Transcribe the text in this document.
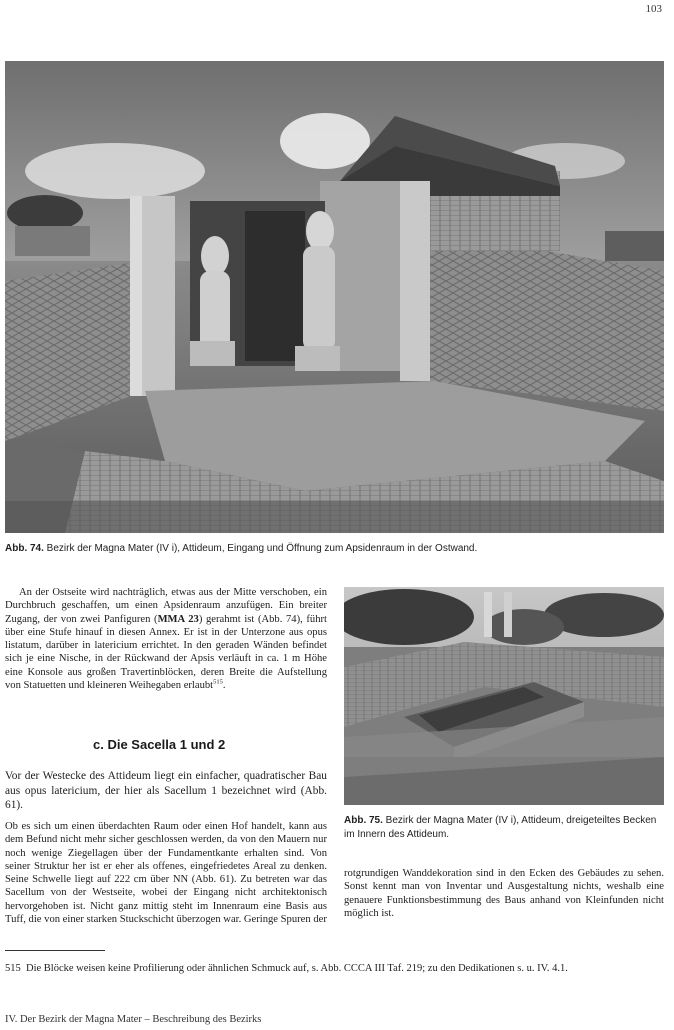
103
Abb. 74. Bezirk der Magna Mater (IV i), Attideum, Eingang und Öffnung zum Apsidenraum in der Ostwand.
An der Ostseite wird nachträglich, etwas aus der Mitte verschoben, ein Durchbruch geschaffen, um einen Apsidenraum anzufügen. Ein breiter Zugang, der von zwei Panfiguren (MMA 23) gerahmt ist (Abb. 74), führt über eine Stufe hinauf in diesen Annex. Er ist in der Unterzone aus opus listatum, darüber in latericium errichtet. In den geraden Wänden befindet sich je eine Nische, in der Rückwand der Apsis verläuft in ca. 1 m Höhe eine Konsole aus großen Travertinblöcken, deren Breite die Aufstellung von Statuetten und kleineren Weihegaben erlaubt$^{515}$.
c. Die Sacella 1 und 2
Vor der Westecke des Attideum liegt ein einfacher, quadratischer Bau aus opus latericium, der hier als Sacellum 1 bezeichnet wird (Abb. 61).
Ob es sich um einen überdachten Raum oder einen Hof handelt, kann aus dem Befund nicht mehr sicher geschlossen werden, da von den Mauern nur noch wenige Ziegellagen über der Fundamentkante erhalten sind. Von seiner Struktur her ist er eher als offenes, eingefriedetes Areal zu denken. Seine Schwelle liegt auf 222 cm über NN (Abb. 61). Zu betreten war das Sacellum von der Westseite, wobei der Eingang nicht architektonisch hervorgehoben ist. Nicht ganz mittig steht im Innenraum eine Basis aus Tuff, die von einer starken Stuckschicht überzogen war. Geringe Spuren der
Abb. 75. Bezirk der Magna Mater (IV i), Attideum, dreigeteiltes Becken im Innern des Attideum.
rotgrundigen Wanddekoration sind in den Ecken des Gebäudes zu sehen. Sonst kennt man von Inventar und Ausgestaltung nichts, weshalb eine genauere Funktionsbestimmung des Baus anhand von Kleinfunden nicht möglich ist.
515 Die Blöcke weisen keine Profilierung oder ähnlichen Schmuck auf, s. Abb. CCCA III Taf. 219; zu den Dedikationen s. u. IV. 4.1.
IV. Der Bezirk der Magna Mater – Beschreibung des Bezirks
